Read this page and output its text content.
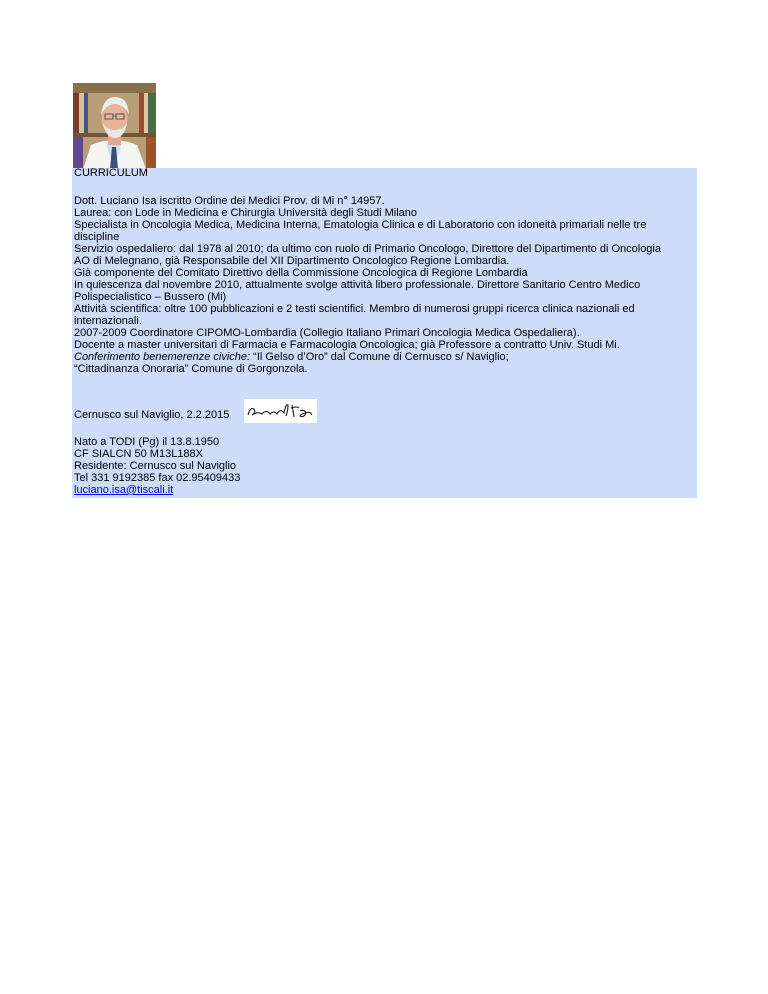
CURRICULUM
Dott. Luciano Isa iscritto Ordine dei Medici Prov. di Mi n° 14957.
Laurea: con Lode in Medicina e Chirurgia Università degli Studi Milano
Specialista in Oncologia Medica, Medicina Interna, Ematologia Clinica e di Laboratorio con idoneità primariali nelle tre
discipline
Servizio ospedaliero: dal 1978 al 2010; da ultimo con ruolo di Primario Oncologo, Direttore del Dipartimento di Oncologia
AO di Melegnano, già Responsabile del XII Dipartimento Oncologico Regione Lombardia.
Già componente del Comitato Direttivo della Commissione Oncologica di Regione Lombardia
In quiescenza dal novembre 2010, attualmente svolge attività libero professionale. Direttore Sanitario Centro Medico
Polispecialistico – Bussero (Mi)
Attività scientifica: oltre 100 pubblicazioni e 2 testi scientifici. Membro di numerosi gruppi ricerca clinica nazionali ed
internazionali.
2007-2009 Coordinatore CIPOMO-Lombardia (Collegio Italiano Primari Oncologia Medica Ospedaliera).
Docente a master universitari di Farmacia e Farmacologia Oncologica; già Professore a contratto Univ. Studi Mi.
Conferimento benemerenze civiche: “Il Gelso d’Oro” dal Comune di Cernusco s/ Naviglio;
“Cittadinanza Onoraria” Comune di Gorgonzola.
Cernusco sul Naviglio, 2.2.2015
Nato a TODI (Pg) il 13.8.1950
CF SIALCN 50 M13L188X
Residente: Cernusco sul Naviglio
Tel 331 9192385 fax 02.95409433
luciano.isa@tiscali.it
